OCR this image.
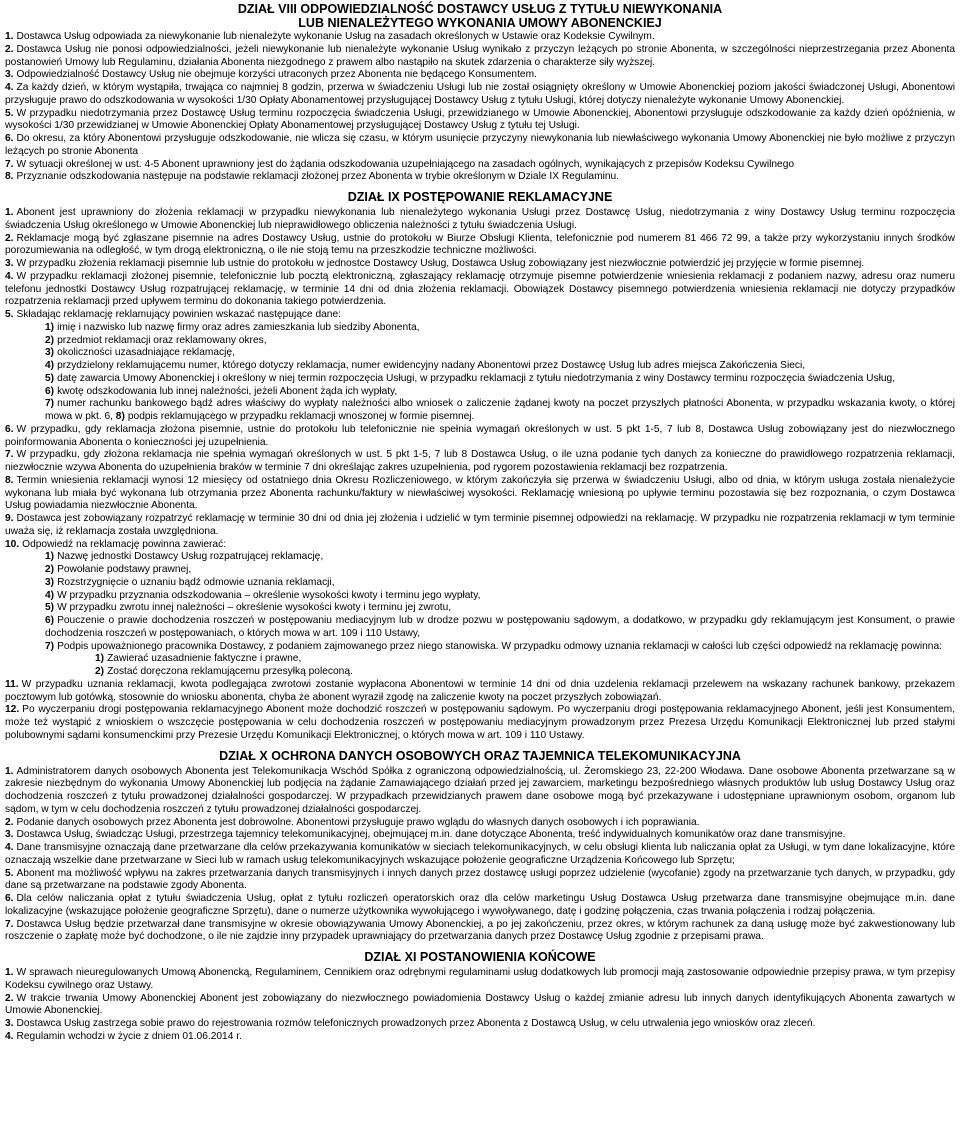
DZIAŁ VIII ODPOWIEDZIALNOŚĆ DOSTAWCY USŁUG Z TYTUŁU NIEWYKONANIA
LUB NIENALEŻYTEGO WYKONANIA UMOWY ABONENCKIEJ

1. Dostawca Usług odpowiada za niewykonanie lub nienależyte wykonanie Usług na zasadach określonych w Ustawie oraz Kodeksie Cywilnym.

2. Dostawca Usług nie ponosi odpowiedzialności, jeżeli niewykonanie lub nienależyte wykonanie Usług wynikało z przyczyn leżących po stronie Abonenta, w szczególności nieprzestrzegania przez Abonenta postanowień Umowy lub Regulaminu, działania Abonenta niezgodnego z prawem albo nastąpiło na skutek zdarzenia o charakterze siły wyższej.

3. Odpowiedzialność Dostawcy Usług nie obejmuje korzyści utraconych przez Abonenta nie będącego Konsumentem.

4. Za każdy dzień, w którym wystąpiła, trwająca co najmniej 8 godzin, przerwa w świadczeniu Usługi lub nie został osiągnięty określony w Umowie Abonenckiej poziom jakości świadczonej Usługi, Abonentowi przysługuje prawo do odszkodowania w wysokości 1/30 Opłaty Abonamentowej przysługującej Dostawcy Usług z tytułu Usługi, której dotyczy nienależyte wykonanie Umowy Abonenckiej.

5. W przypadku niedotrzymania przez Dostawcę Usług terminu rozpoczęcia świadczenia Usługi, przewidzianego w Umowie Abonenckiej, Abonentowi przysługuje odszkodowanie za każdy dzień opóźnienia, w wysokości 1/30 przewidzianej w Umowie Abonenckiej Opłaty Abonamentowej przysługującej Dostawcy Usług z tytułu tej Usługi.

6. Do okresu, za który Abonentowi przysługuje odszkodowanie, nie wlicza się czasu, w którym usunięcie przyczyny niewykonania lub niewłaściwego wykonania Umowy Abonenckiej nie było możliwe z przyczyn leżących po stronie Abonenta

7. W sytuacji określonej w ust. 4-5 Abonent uprawniony jest do żądania odszkodowania uzupełniającego na zasadach ogólnych, wynikających z przepisów Kodeksu Cywilnego

8. Przyznanie odszkodowania następuje na podstawie reklamacji złożonej przez Abonenta w trybie określonym w Dziale IX Regulaminu.

DZIAŁ IX POSTĘPOWANIE REKLAMACYJNE

1. Abonent jest uprawniony do złożenia reklamacji w przypadku niewykonania lub nienależytego wykonania Usługi przez Dostawcę Usług, niedotrzymania z winy Dostawcy Usług terminu rozpoczęcia świadczenia Usług określonego w Umowie Abonenckiej lub nieprawidłowego obliczenia należności z tytułu świadczenia Usługi.

2. Reklamacje mogą być zgłaszane pisemnie na adres Dostawcy Usług, ustnie do protokołu w Biurze Obsługi Klienta, telefonicznie pod numerem 81 466 72 99, a także przy wykorzystaniu innych środków porozumiewania na odległość, w tym drogą elektroniczną, o ile nie stoją temu na przeszkodzie techniczne możliwości.

3. W przypadku złożenia reklamacji pisemnie lub ustnie do protokołu w jednostce Dostawcy Usług, Dostawca Usług zobowiązany jest niezwłocznie potwierdzić jej przyjęcie w formie pisemnej.

4. W przypadku reklamacji złożonej pisemnie, telefonicznie lub pocztą elektroniczną, zgłaszający reklamację otrzymuje pisemne potwierdzenie wniesienia reklamacji z podaniem nazwy, adresu oraz numeru telefonu jednostki Dostawcy Usług rozpatrującej reklamację, w terminie 14 dni od dnia złożenia reklamacji. Obowiązek Dostawcy pisemnego potwierdzenia wniesienia reklamacji nie dotyczy przypadków rozpatrzenia reklamacji przed upływem terminu do dokonania takiego potwierdzenia.

5. Składając reklamację reklamujący powinien wskazać następujące dane:

1) imię i nazwisko lub nazwę firmy oraz adres zamieszkania lub siedziby Abonenta,

2) przedmiot reklamacji oraz reklamowany okres,

3) okoliczności uzasadniające reklamację,

4) przydzielony reklamującemu numer, którego dotyczy reklamacja, numer ewidencyjny nadany Abonentowi przez Dostawcę Usług lub adres miejsca Zakończenia Sieci,

5) datę zawarcia Umowy Abonenckiej i określony w niej termin rozpoczęcia Usługi, w przypadku reklamacji z tytułu niedotrzymania z winy Dostawcy terminu rozpoczęcia świadczenia Usług,

6) kwotę odszkodowania lub innej należności, jeżeli Abonent żąda ich wypłaty,

7) numer rachunku bankowego bądź adres właściwy do wypłaty należności albo wniosek o zaliczenie żądanej kwoty na poczet przyszłych płatności Abonenta, w przypadku wskazania kwoty, o której mowa w pkt. 6, 8) podpis reklamującego w przypadku reklamacji wnoszonej w formie pisemnej.

6. W przypadku, gdy reklamacja złożona pisemnie, ustnie do protokołu lub telefonicznie nie spełnia wymagań określonych w ust. 5 pkt 1-5, 7 lub 8, Dostawca Usług zobowiązany jest do niezwłocznego poinformowania Abonenta o konieczności jej uzupełnienia.

7. W przypadku, gdy złożona reklamacja nie spełnia wymagań określonych w ust. 5 pkt 1-5, 7 lub 8 Dostawca Usług, o ile uzna podanie tych danych za konieczne do prawidłowego rozpatrzenia reklamacji, niezwłocznie wzywa Abonenta do uzupełnienia braków w terminie 7 dni określając zakres uzupełnienia, pod rygorem pozostawienia reklamacji bez rozpatrzenia.

8. Termin wniesienia reklamacji wynosi 12 miesięcy od ostatniego dnia Okresu Rozliczeniowego, w którym zakończyła się przerwa w świadczeniu Usługi, albo od dnia, w którym usługa została nienależycie wykonana lub miała być wykonana lub otrzymania przez Abonenta rachunku/faktury w niewłaściwej wysokości. Reklamację wniesioną po upływie terminu pozostawia się bez rozpoznania, o czym Dostawca Usług powiadamia niezwłocznie Abonenta.

9. Dostawca jest zobowiązany rozpatrzyć reklamację w terminie 30 dni od dnia jej złożenia i udzielić w tym terminie pisemnej odpowiedzi na reklamację. W przypadku nie rozpatrzenia reklamacji w tym terminie uważa się, iż reklamacja została uwzględniona.

10. Odpowiedź na reklamację powinna zawierać:

1) Nazwę jednostki Dostawcy Usług rozpatrującej reklamację,

2) Powołanie podstawy prawnej,

3) Rozstrzygnięcie o uznaniu bądź odmowie uznania reklamacji,

4) W przypadku przyznania odszkodowania – określenie wysokości kwoty i terminu jego wypłaty,

5) W przypadku zwrotu innej należności – określenie wysokości kwoty i terminu jej zwrotu,

6) Pouczenie o prawie dochodzenia roszczeń w postępowaniu mediacyjnym lub w drodze pozwu w postępowaniu sądowym, a dodatkowo, w przypadku gdy reklamującym jest Konsument, o prawie dochodzenia roszczeń w postępowaniach, o których mowa w art. 109 i 110 Ustawy,

7) Podpis upoważnionego pracownika Dostawcy, z podaniem zajmowanego przez niego stanowiska. W przypadku odmowy uznania reklamacji w całości lub części odpowiedź na reklamację powinna:

1) Zawierać uzasadnienie faktyczne i prawne,

2) Zostać doręczona reklamującemu przesyłką poleconą.

11. W przypadku uznania reklamacji, kwota podlegająca zwrotowi zostanie wypłacona Abonentowi w terminie 14 dni od dnia uzdelenia reklamacji przelewem na wskazany rachunek bankowy, przekazem pocztowym lub gotówką, stosownie do wniosku abonenta, chyba że abonent wyraził zgodę na zaliczenie kwoty na poczet przyszłych zobowiązań.

12. Po wyczerpaniu drogi postępowania reklamacyjnego Abonent może dochodzić roszczeń w postępowaniu sądowym. Po wyczerpaniu drogi postępowania reklamacyjnego Abonent, jeśli jest Konsumentem, może też wystąpić z wnioskiem o wszczęcie postępowania w celu dochodzenia roszczeń w postępowaniu mediacyjnym prowadzonym przez Prezesa Urzędu Komunikacji Elektronicznej lub przed stałymi polubownymi sądami konsumenckimi przy Prezesie Urzędu Komunikacji Elektronicznej, o których mowa w art. 109 i 110 Ustawy.

DZIAŁ X OCHRONA DANYCH OSOBOWYCH ORAZ TAJEMNICA TELEKOMUNIKACYJNA

1. Administratorem danych osobowych Abonenta jest Telekomunikacja Wschód Spółka z ograniczoną odpowiedzialnością, ul. Żeromskiego 23, 22-200 Włodawa. Dane osobowe Abonenta przetwarzane są w zakresie niezbędnym do wykonania Umowy Abonenckiej lub podjęcia na żądanie Zamawiającego działań przed jej zawarciem, marketingu bezpośredniego własnych produktów lub usług Dostawcy Usług oraz dochodzenia roszczeń z tytułu prowadzonej działalności gospodarczej. W przypadkach przewidzianych prawem dane osobowe mogą być przekazywane i udostępniane uprawnionym osobom, organom lub sądom, w tym w celu dochodzenia roszczeń z tytułu prowadzonej działalności gospodarczej.

2. Podanie danych osobowych przez Abonenta jest dobrowolne. Abonentowi przysługuje prawo wglądu do własnych danych osobowych i ich poprawiania.

3. Dostawca Usług, świadcząc Usługi, przestrzega tajemnicy telekomunikacyjnej, obejmującej m.in. dane dotyczące Abonenta, treść indywidualnych komunikatów oraz dane transmisyjne.

4. Dane transmisyjne oznaczają dane przetwarzane dla celów przekazywania komunikatów w sieciach telekomunikacyjnych, w celu obsługi klienta lub naliczania opłat za Usługi, w tym dane lokalizacyjne, które oznaczają wszelkie dane przetwarzane w Sieci lub w ramach usług telekomunikacyjnych wskazujące położenie geograficzne Urządzenia Końcowego lub Sprzętu;

5. Abonent ma możliwość wpływu na zakres przetwarzania danych transmisyjnych i innych danych przez dostawcę usługi poprzez udzielenie (wycofanie) zgody na przetwarzanie tych danych, w przypadku, gdy dane są przetwarzane na podstawie zgody Abonenta.

6. Dla celów naliczania opłat z tytułu świadczenia Usług, opłat z tytułu rozliczeń operatorskich oraz dla celów marketingu Usług Dostawca Usług przetwarza dane transmisyjne obejmujące m.in. dane lokalizacyjne (wskazujące położenie geograficzne Sprzętu), dane o numerze użytkownika wywołującego i wywoływanego, datę i godzinę połączenia, czas trwania połączenia i rodzaj połączenia.

7. Dostawca Usług będzie przetwarzał dane transmisyjne w okresie obowiązywania Umowy Abonenckiej, a po jej zakończeniu, przez okres, w którym rachunek za daną usługę może być zakwestionowany lub roszczenie o zapłatę może być dochodzone, o ile nie zajdzie inny przypadek uprawniający do przetwarzania danych przez Dostawcę Usług zgodnie z przepisami prawa.

DZIAŁ XI POSTANOWIENIA KOŃCOWE

1. W sprawach nieuregulowanych Umową Abonencką, Regulaminem, Cennikiem oraz odrębnymi regulaminami usług dodatkowych lub promocji mają zastosowanie odpowiednie przepisy prawa, w tym przepisy Kodeksu cywilnego oraz Ustawy.

2. W trakcie trwania Umowy Abonenckiej Abonent jest zobowiązany do niezwłocznego powiadomienia Dostawcy Usług o każdej zmianie adresu lub innych danych identyfikujących Abonenta zawartych w Umowie Abonenckiej.

3. Dostawca Usług zastrzega sobie prawo do rejestrowania rozmów telefonicznych prowadzonych przez Abonenta z Dostawcą Usług, w celu utrwalenia jego wniosków oraz zleceń.

4. Regulamin wchodzi w życie z dniem 01.06.2014 r.
